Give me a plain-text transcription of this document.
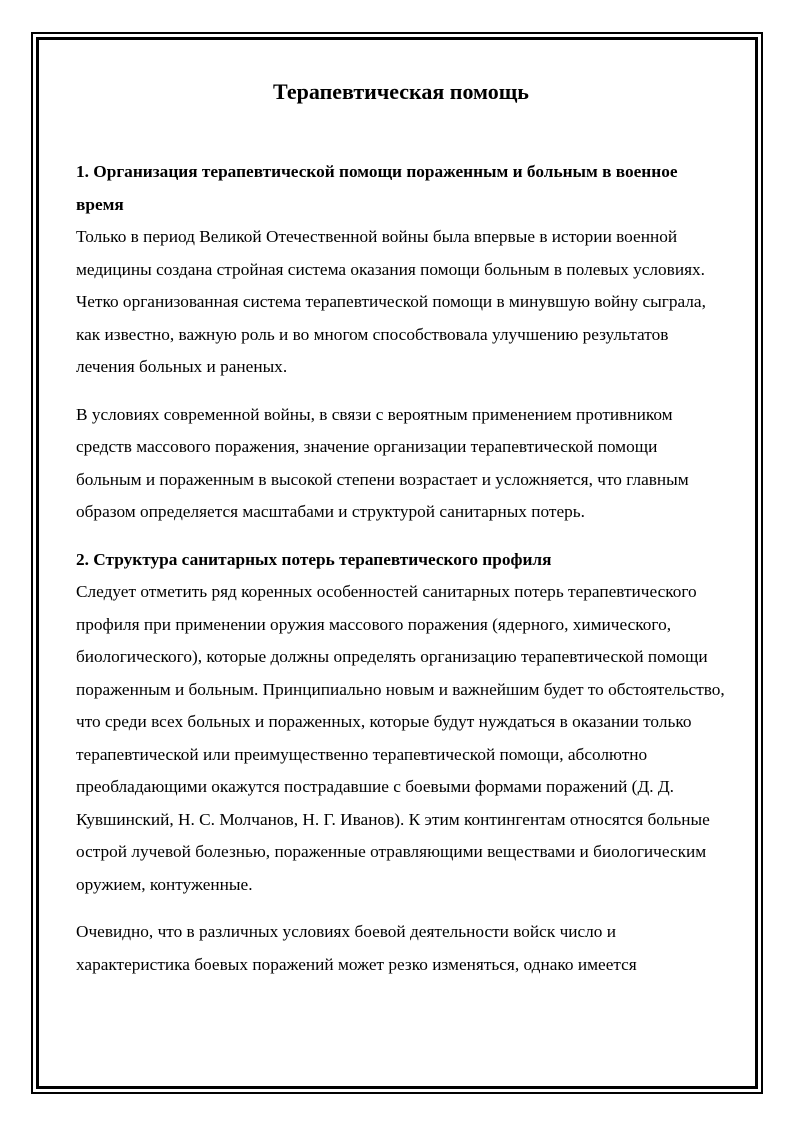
Терапевтическая помощь
1. Организация терапевтической помощи пораженным и больным в военное время

Только в период Великой Отечественной войны была впервые в истории военной медицины создана стройная система оказания помощи больным в полевых условиях. Четко организованная система терапевтической помощи в минувшую войну сыграла, как известно, важную роль и во многом способствовала улучшению результатов лечения больных и раненых.

В условиях современной войны, в связи с вероятным применением противником средств массового поражения, значение организации терапевтической помощи больным и пораженным в высокой степени возрастает и усложняется, что главным образом определяется масштабами и структурой санитарных потерь.

2. Структура санитарных потерь терапевтического профиля

Следует отметить ряд коренных особенностей санитарных потерь терапевтического профиля при применении оружия массового поражения (ядерного, химического, биологического), которые должны определять организацию терапевтической помощи пораженным и больным. Принципиально новым и важнейшим будет то обстоятельство, что среди всех больных и пораженных, которые будут нуждаться в оказании только терапевтической или преимущественно терапевтической помощи, абсолютно преобладающими окажутся пострадавшие с боевыми формами поражений (Д. Д. Кувшинский, Н. С. Молчанов, Н. Г. Иванов). К этим контингентам относятся больные острой лучевой болезнью, пораженные отравляющими веществами и биологическим оружием, контуженные.

Очевидно, что в различных условиях боевой деятельности войск число и характеристика боевых поражений может резко изменяться, однако имеется
